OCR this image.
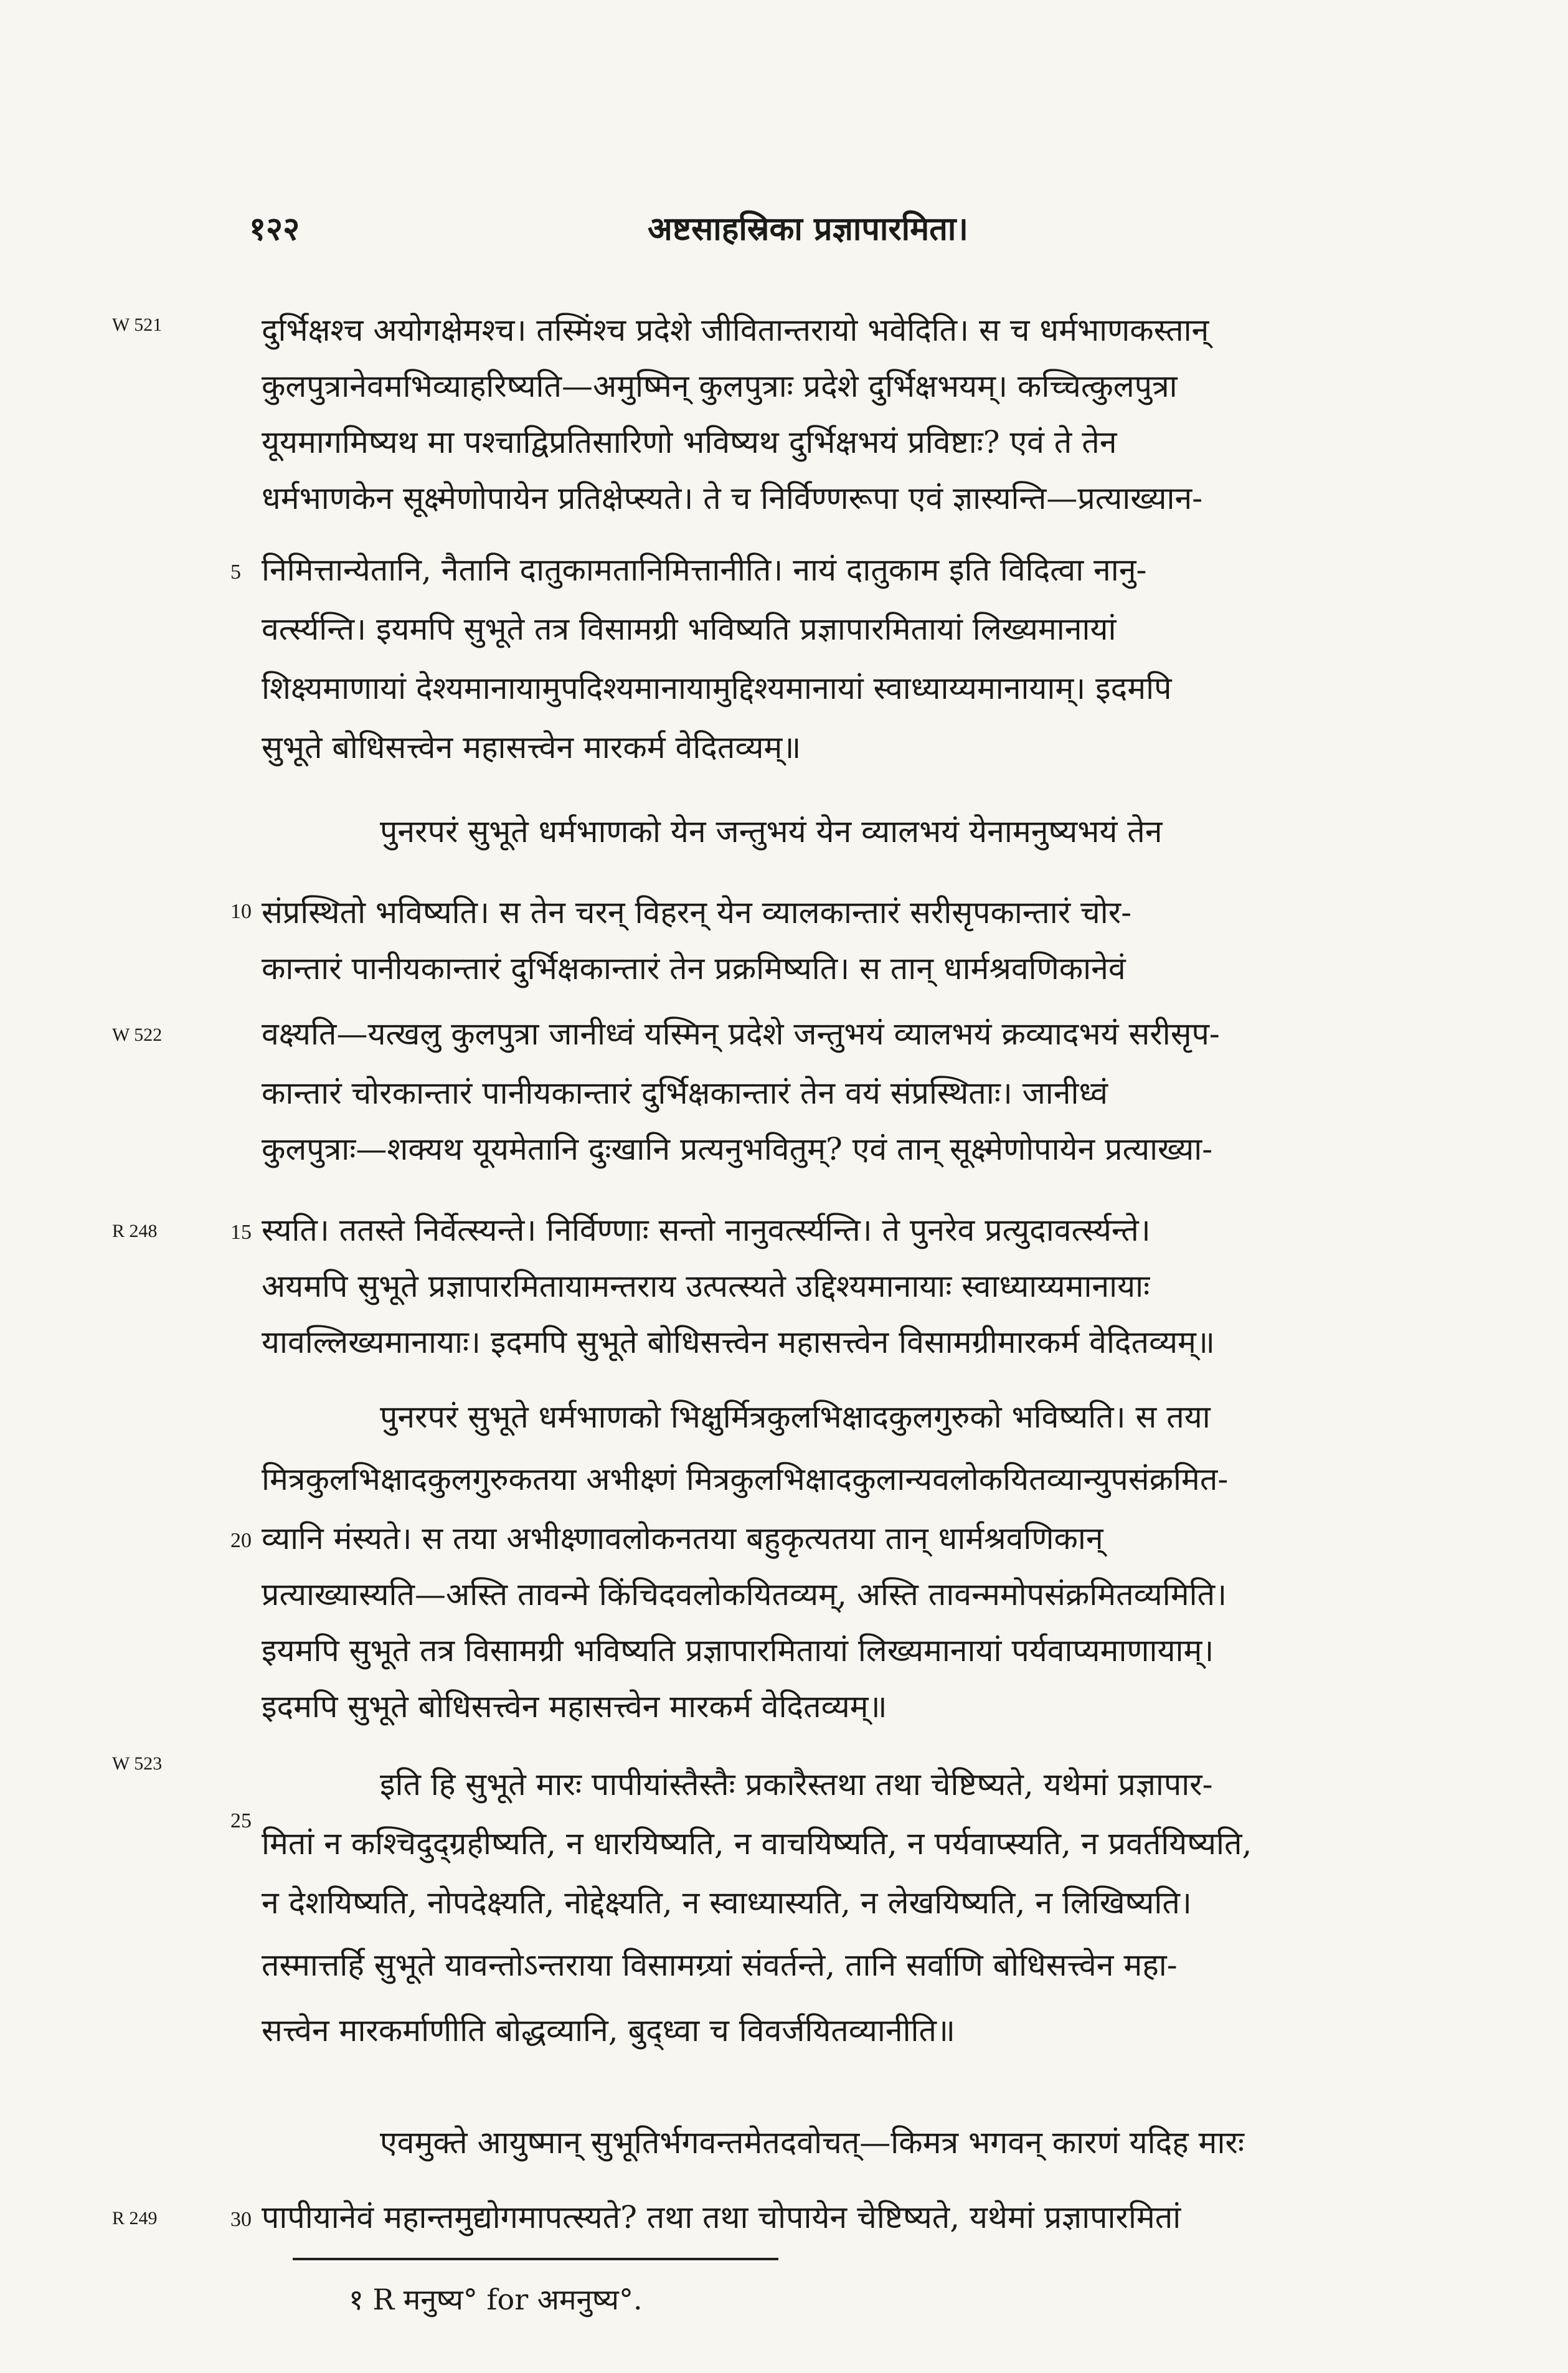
१२२	अष्टसाहस्रिका प्रज्ञापारमिता।
W 521
W 522
R 248
W 523
R 249
5
10
15
20
25
30
दुर्भिक्षश्च अयोगक्षेमश्च। तस्मिंश्च प्रदेशे जीवितान्तरायो भवेदिति। स च धर्मभाणकस्तान्
कुलपुत्रानेवमभिव्याहरिष्यति—अमुष्मिन् कुलपुत्राः प्रदेशे दुर्भिक्षभयम्। कच्चित्कुलपुत्रा
यूयमागमिष्यथ मा पश्चाद्विप्रतिसारिणो भविष्यथ दुर्भिक्षभयं प्रविष्टाः? एवं ते तेन
धर्मभाणकेन सूक्ष्मेणोपायेन प्रतिक्षेप्स्यते। ते च निर्विण्णरूपा एवं ज्ञास्यन्ति—प्रत्याख्यान-
निमित्तान्येतानि, नैतानि दातुकामतानिमित्तानीति। नायं दातुकाम इति विदित्वा नानु-
वर्त्स्यन्ति। इयमपि सुभूते तत्र विसामग्री भविष्यति प्रज्ञापारमितायां लिख्यमानायां
शिक्ष्यमाणायां देश्यमानायामुपदिश्यमानायामुद्दिश्यमानायां स्वाध्याय्यमानायाम्। इदमपि
सुभूते बोधिसत्त्वेन महासत्त्वेन मारकर्म वेदितव्यम्॥
पुनरपरं सुभूते धर्मभाणको येन जन्तुभयं येन व्यालभयं येनामनुष्यभयं तेन
संप्रस्थितो भविष्यति। स तेन चरन् विहरन् येन व्यालकान्तारं सरीसृपकान्तारं चोर-
कान्तारं पानीयकान्तारं दुर्भिक्षकान्तारं तेन प्रक्रमिष्यति। स तान् धार्मश्रवणिकानेवं
वक्ष्यति—यत्खलु कुलपुत्रा जानीध्वं यस्मिन् प्रदेशे जन्तुभयं व्यालभयं क्रव्यादभयं सरीसृप-
कान्तारं चोरकान्तारं पानीयकान्तारं दुर्भिक्षकान्तारं तेन वयं संप्रस्थिताः। जानीध्वं
कुलपुत्राः—शक्यथ यूयमेतानि दुःखानि प्रत्यनुभवितुम्? एवं तान् सूक्ष्मेणोपायेन प्रत्याख्या-
स्यति। ततस्ते निर्वेत्स्यन्ते। निर्विण्णाः सन्तो नानुवर्त्स्यन्ति। ते पुनरेव प्रत्युदावर्त्स्यन्ते।
अयमपि सुभूते प्रज्ञापारमितायामन्तराय उत्पत्स्यते उद्दिश्यमानायाः स्वाध्याय्यमानायाः
यावल्लिख्यमानायाः। इदमपि सुभूते बोधिसत्त्वेन महासत्त्वेन विसामग्रीमारकर्म वेदितव्यम्॥
पुनरपरं सुभूते धर्मभाणको भिक्षुर्मित्रकुलभिक्षादकुलगुरुको भविष्यति। स तया
मित्रकुलभिक्षादकुलगुरुकतया अभीक्ष्णं मित्रकुलभिक्षादकुलान्यवलोकयितव्यान्युपसंक्रमित-
व्यानि मंस्यते। स तया अभीक्ष्णावलोकनतया बहुकृत्यतया तान् धार्मश्रवणिकान्
प्रत्याख्यास्यति—अस्ति तावन्मे किंचिदवलोकयितव्यम्, अस्ति तावन्ममोपसंक्रमितव्यमिति।
इयमपि सुभूते तत्र विसामग्री भविष्यति प्रज्ञापारमितायां लिख्यमानायां पर्यवाप्यमाणायाम्।
इदमपि सुभूते बोधिसत्त्वेन महासत्त्वेन मारकर्म वेदितव्यम्॥
इति हि सुभूते मारः पापीयांस्तैस्तैः प्रकारैस्तथा तथा चेष्टिष्यते, यथेमां प्रज्ञापार-
मितां न कश्चिदुद्ग्रहीष्यति, न धारयिष्यति, न वाचयिष्यति, न पर्यवाप्स्यति, न प्रवर्तयिष्यति,
न देशयिष्यति, नोपदेक्ष्यति, नोद्देक्ष्यति, न स्वाध्यास्यति, न लेखयिष्यति, न लिखिष्यति।
तस्मात्तर्हि सुभूते यावन्तोऽन्तराया विसामग्र्यां संवर्तन्ते, तानि सर्वाणि बोधिसत्त्वेन महा-
सत्त्वेन मारकर्माणीति बोद्धव्यानि, बुद्ध्वा च विवर्जयितव्यानीति॥
एवमुक्ते आयुष्मान् सुभूतिर्भगवन्तमेतदवोचत्—किमत्र भगवन् कारणं यदिह मारः
पापीयानेवं महान्तमुद्योगमापत्स्यते? तथा तथा चोपायेन चेष्टिष्यते, यथेमां प्रज्ञापारमितां
१ R मनुष्य° for अमनुष्य°.
